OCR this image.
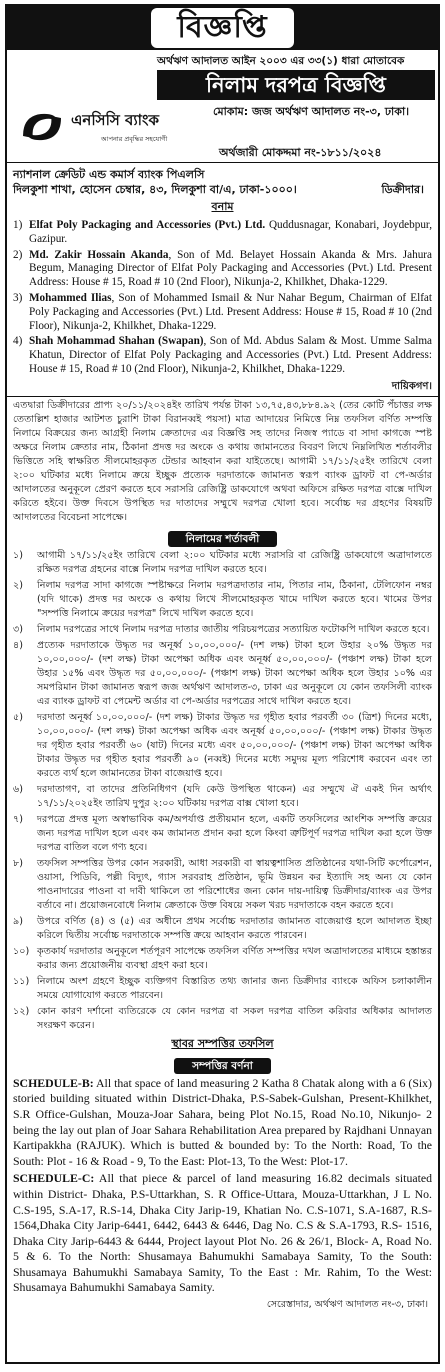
বিজ্ঞপ্তি
অর্থঋণ আদালত আইন ২০০৩ এর ৩৩(১) ধারা মোতাবেক
নিলাম দরপত্র বিজ্ঞপ্তি
মোকাম: জজ অর্থঋণ আদালত নং-৩, ঢাকা।
এনসিসি ব্যাংক
আপনার প্রবৃদ্ধির সহযোগী
অর্থজারী মোকদ্দমা নং-১৮১১/২০২৪
ন্যাশনাল ক্রেডিট এন্ড কমার্স ব্যাংক পিএলসি
দিলকুশা শাখা, হোসেন চেম্বার, ৪৩, দিলকুশা বা/এ, ঢাকা-১০০০।	ডিক্রীদার।
বনাম
1) Elfat Poly Packaging and Accessories (Pvt.) Ltd. Quddusnagar, Konabari, Joydebpur, Gazipur.
2) Md. Zakir Hossain Akanda, Son of Md. Belayet Hossain Akanda & Mrs. Jahura Begum, Managing Director of Elfat Poly Packaging and Accessories (Pvt.) Ltd. Present Address: House # 15, Road # 10 (2nd Floor), Nikunja-2, Khilkhet, Dhaka-1229.
3) Mohammed Ilias, Son of Mohammed Ismail & Nur Nahar Begum, Chairman of Elfat Poly Packaging and Accessories (Pvt.) Ltd. Present Address: House # 15, Road # 10 (2nd Floor), Nikunja-2, Khilkhet, Dhaka-1229.
4) Shah Mohammad Shahan (Swapan), Son of Md. Abdus Salam & Most. Umme Salma Khatun, Director of Elfat Poly Packaging and Accessories (Pvt.) Ltd. Present Address: House # 15, Road # 10 (2nd Floor), Nikunja-2, Khilkhet, Dhaka-1229.
দায়িকগণ।
এতদ্বারা ডিক্রীদারের প্রাপ্য ২০/১১/২০২৪ইং তারিখ পর্যন্ত টাকা ১৩,৭৫,৪৩,৮৮৪.৯২ (তের কোটি পঁচাত্তর লক্ষ তেতাল্লিশ হাজার আটশত চুরাশি টাকা বিরানব্বই পয়সা) মাত্র আদায়ের নিমিত্তে নিম্ন তফসিল বর্ণিত সম্পত্তি নিলামে বিক্রয়ের জন্য আগ্রহী নিলাম ক্রেতাদের এর বিজ্ঞপ্তি সহ তাদের নিজস্ব প্যাডে বা সাদা কাগজে স্পষ্ট অক্ষরে নিলাম ক্রেতার নাম, ঠিকানা প্রদত্ত দর অংকে ও কথায় জামানতের বিবরণ লিখে নিম্নলিখিত শর্তাবলীর ভিত্তিতে সহি স্বাক্ষরিত সীলমোহরকৃত টেন্ডার আহবান করা যাইতেছে। আগামী ১৭/১১/২৫ইং তারিখে বেলা ২:০০ ঘটিকার মধ্যে নিলামে ক্রয়ে ইচ্ছুক প্রত্যেক দরদাতাকে জামানত স্বরূপ ব্যাংক ড্রাফট বা পে-অর্ডার আদালতের অনুকূলে প্রেরণ করতে হবে সরাসরি রেজিষ্ট্রি ডাকযোগে অথবা অফিসে রক্ষিত দরপত্র বাক্সে দাখিল করিতে হইবে। উক্ত দিবসে উপস্থিত দর দাতাদের সম্মুখে দরপত্র খোলা হবে। সর্বোচ্চ দর গ্রহণের বিষয়টি আদালতের বিবেচনা সাপেক্ষে।
নিলামের শর্তাবলী
১)	আগামী ১৭/১১/২৫ইং তারিখে বেলা ২:০০ ঘটিকার মধ্যে সরাসরি বা রেজিষ্ট্রি ডাকযোগে অত্রাদালতে রক্ষিত দরপত্র গ্রহনের বাক্সে নিলাম দরপত্র দাখিল করতে হবে।
২)	নিলাম দরপত্র সাদা কাগজে স্পষ্টাক্ষরে নিলাম দরপত্রদাতার নাম, পিতার নাম, ঠিকানা, টেলিফোন নম্বর (যদি থাকে) প্রদত্ত দর অংকে ও কথায় লিখে সীলমোহরকৃত খামে দাখিল করতে হবে। খামের উপর "সম্পত্তি নিলামে ক্রয়ের দরপত্র" লিখে দাখিল করতে হবে।
৩)	নিলাম দরপত্রের সাথে নিলাম দরপত্র দাতার জাতীয় পরিচয়পত্রের সত্যায়িত ফটোকপি দাখিল করতে হবে।
৪)	প্রত্যেক দরদাতাকে উদ্ধৃত দর অনূর্ধ্ব ১০,০০,০০০/- (দশ লক্ষ) টাকা হলে উহার ২০% উদ্ধৃত দর ১০,০০,০০০/- (দশ লক্ষ) টাকা অপেক্ষা অধিক এবং অনূর্ধ্ব ৫০,০০,০০০/- (পঞ্চাশ লক্ষ) টাকা হলে উহার ১৫% এবং উদ্ধৃত দর ৫০,০০,০০০/- (পঞ্চাশ লক্ষ) টাকা অপেক্ষা অধিক হলে উহার ১০% এর সমপরিমান টাকা জামানত স্বরূপ জজ অর্থঋণ আদালত-৩, ঢাকা এর অনুকূলে যে কোন তফসিলী ব্যাংক এর ব্যাংক ড্রাফট বা পেমেন্ট অর্ডার বা পে-অর্ডার দরপত্রের সাথে দাখিল করতে হবে।
৫)	দরদাতা অনূর্ধ্ব ১০,০০,০০০/- (দশ লক্ষ) টাকার উদ্ধৃত দর গৃহীত হবার পরবর্তী ৩০ (ত্রিশ) দিনের মধ্যে, ১০,০০,০০০/- (দশ লক্ষ) টাকা অপেক্ষা অধিক এবং অনূর্ধ্ব ৫০,০০,০০০/- (পঞ্চাশ লক্ষ) টাকার উদ্ধৃত দর গৃহীত হবার পরবর্তী ৬০ (ষাট) দিনের মধ্যে এবং ৫০,০০,০০০/- (পঞ্চাশ লক্ষ) টাকা অপেক্ষা অধিক টাকার উদ্ধৃত দর গৃহীত হবার পরবর্তী ৯০ (নব্বই) দিনের মধ্যে সমুদয় মূল্য পরিশোধ করবেন এবং তা করতে ব্যর্থ হলে জামানতের টাকা বাজেয়াপ্ত হবে।
৬)	দরদাতাগণ, বা তাদের প্রতিনিধিগণ (যদি কেউ উপস্থিত থাকেন) এর সম্মুখে ঐ একই দিন অর্থাৎ ১৭/১১/২০২৫ইং তারিখ দুপুর ২:০০ ঘটিকায় দরপত্র বাক্স খোলা হবে।
৭)	দরপত্রে প্রদত্ত মূল্য অস্বাভাবিক কম/অপর্যাপ্ত প্রতীয়মান হলে, একটি তফসিলের আংশিক সম্পত্তি ক্রয়ের জন্য দরপত্র দাখিল হলে এবং কম জামানত প্রদান করা হলে কিংবা ত্রুটিপূর্ণ দরপত্র দাখিল করা হলে উক্ত দরপত্র বাতিল বলে গণ্য হবে।
৮)	তফসিল সম্পত্তির উপর কোন সরকারী, আধা সরকারী বা স্বায়ত্বশাসিত প্রতিষ্ঠানের যথা-সিটি কর্পোরেশন, ওয়াসা, পিডিবি, পল্লী বিদ্যুৎ, গ্যাস সরবরাহ প্রতিষ্ঠান, ভূমি উন্নয়ন কর ইত্যাদি সহ অন্য যে কোন পাওনাদারের পাওনা বা দাবী থাকিলে তা পরিশোধের জন্য কোন দায়-দায়িত্ব ডিক্রীদার/ব্যাংক এর উপর বর্তাবে না। প্রয়োজনবোধে নিলাম ক্রেতাকে উক্ত বিষয়ে সকল খরচ দরদাতাকে বহন করতে হবে।
৯)	উপরে বর্ণিত (৪) ও (৫) এর অধীনে প্রথম সর্বোচ্চ দরদাতার জামানত বাজেয়াপ্ত হলে আদালত ইচ্ছা করিলে দ্বিতীয় সর্বোচ্চ দরদাতাকে সম্পত্তি ক্রয়ে আহবান করতে পারবেন।
১০) কৃতকার্য দরদাতার অনুকূলে শর্তপূরণ সাপেক্ষে তফসিল বর্ণিত সম্পত্তির দখল অত্রাদালতের মাধ্যমে হস্তান্তর করার জন্য প্রয়োজনীয় ব্যবস্থা গ্রহণ করা হবে।
১১) নিলামে অংশ গ্রহণে ইচ্ছুক ব্যক্তিগণ বিস্তারিত তথ্য জানার জন্য ডিক্রীদার ব্যাংকে অফিস চলাকালীন সময়ে যোগাযোগ করতে পারবেন।
১২) কোন কারণ দর্শানো ব্যতিরেকে যে কোন দরপত্র বা সকল দরপত্র বাতিল করিবার অধিকার আদালত সংরক্ষণ করেন।
স্থাবর সম্পত্তির তফসিল
সম্পত্তির বর্ণনা
SCHEDULE-B: All that space of land measuring 2 Katha 8 Chatak along with a 6 (Six) storied building situated within District-Dhaka, P.S-Sabek-Gulshan, Present-Khilkhet, S.R Office-Gulshan, Mouza-Joar Sahara, being Plot No.15, Road No.10, Nikunjo- 2 being the lay out plan of Joar Sahara Rehabilitation Area prepared by Rajdhani Unnayan Kartipakkha (RAJUK). Which is butted & bounded by: To the North: Road, To the South: Plot - 16 & Road - 9, To the East: Plot-13, To the West: Plot-17.
SCHEDULE-C: All that piece & parcel of land measuring 16.82 decimals situated within District- Dhaka, P.S-Uttarkhan, S. R Office-Uttara, Mouza-Uttarkhan, J L No. C.S-195, S.A-17, R.S-14, Dhaka City Jarip-19, Khatian No. C.S-1071, S.A-1687, R.S-1564,Dhaka City Jarip-6441, 6442, 6443 & 6446, Dag No. C.S & S.A-1793, R.S- 1516, Dhaka City Jarip-6443 & 6444, Project layout Plot No. 26 & 26/1, Block- A, Road No. 5 & 6. To the North: Shusamaya Bahumukhi Samabaya Samity, To the South: Shusamaya Bahumukhi Samabaya Samity, To the East : Mr. Rahim, To the West: Shusamaya Bahumukhi Samabaya Samity.
সেরেস্তাদার, অর্থঋণ আদালত নং-৩, ঢাকা।
